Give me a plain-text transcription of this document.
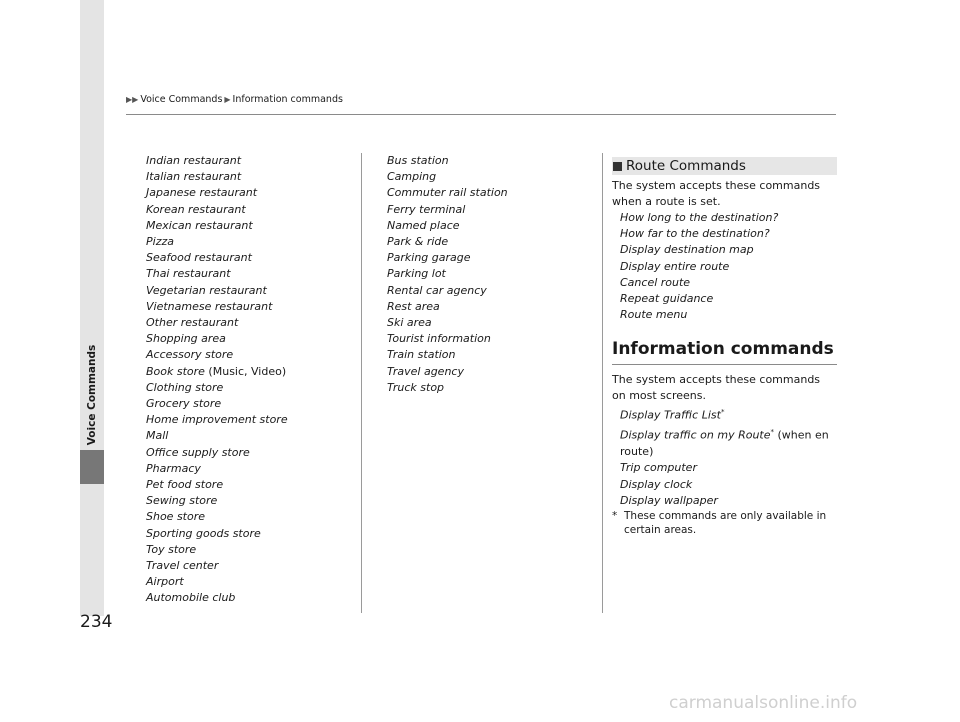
▶▶ Voice Commands ▶ Information commands
Voice Commands
234
Indian restaurant
Italian restaurant
Japanese restaurant
Korean restaurant
Mexican restaurant
Pizza
Seafood restaurant
Thai restaurant
Vegetarian restaurant
Vietnamese restaurant
Other restaurant
Shopping area
Accessory store
Book store (Music, Video)
Clothing store
Grocery store
Home improvement store
Mall
Office supply store
Pharmacy
Pet food store
Sewing store
Shoe store
Sporting goods store
Toy store
Travel center
Airport
Automobile club
Bus station
Camping
Commuter rail station
Ferry terminal
Named place
Park & ride
Parking garage
Parking lot
Rental car agency
Rest area
Ski area
Tourist information
Train station
Travel agency
Truck stop
Route Commands
The system accepts these commands when a route is set.
How long to the destination?
How far to the destination?
Display destination map
Display entire route
Cancel route
Repeat guidance
Route menu
Information commands
The system accepts these commands on most screens.
Display Traffic List*
Display traffic on my Route* (when en route)
Trip computer
Display clock
Display wallpaper
* These commands are only available in certain areas.
carmanualsonline.info
